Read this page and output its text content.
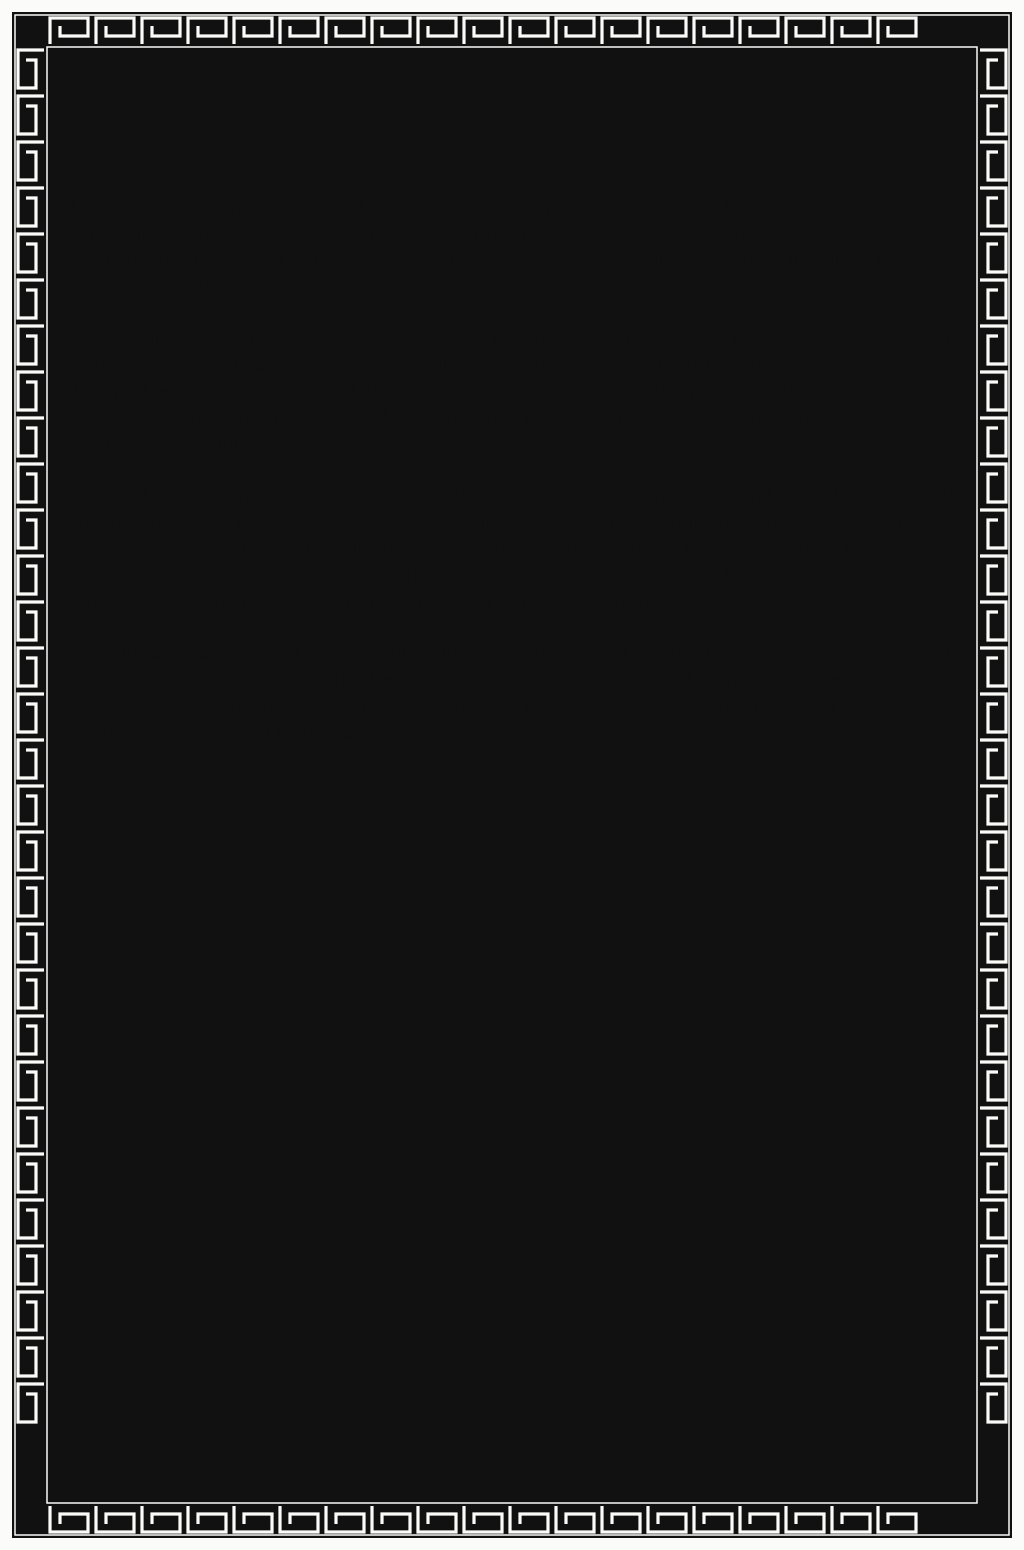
There are no formal codes that state what is acceptable practice for the acquisition of market superiority; although the Lords make certain not to go too far lest a vendetta ensue. A vendetta inevitably destroys both parties involved. The only real law is that he who hold the most influence in the marketplace is the Overlord, and he controls the public domain.

For nearly two centuries before the Age of Darkness, Pandona was ruled by House Eichon. House Eichon had gained such a powerful control on the trade through Veluna that it seemed as though it would reign forever. Trusting in the strength of his House, the Overlords of the 3500's became complacent. This allowed certain other Houses, House Dracus in particular, to slowly build their own influence.

In 3575 Lord Kityana, Lord of House Dracus, seized control of the silver and spice trade of Baali and Belshazzar. The balance of power was nearly equal. The Overlord, Lord Uramae of House Eichon, panicked; he sent his trained assassins, the Bloodguard, directly against Lord Kityana. But the Bloodguard had become soft and were easily dispatched by Kityana's elite, the Amita K'un. Lord Kityana retaliated in kind. The reign of House Eichon was ended.

Yet, ruthless as he was, Lord Kityana could not bring himself to completely destroy his enemy. It is believed that the new Overlord was seduced and persuaded by Uramae's widow to leave the House intact. From this act of mercy came the great vendetta, which, in its own way, helped bring about the Age of Darkness.
